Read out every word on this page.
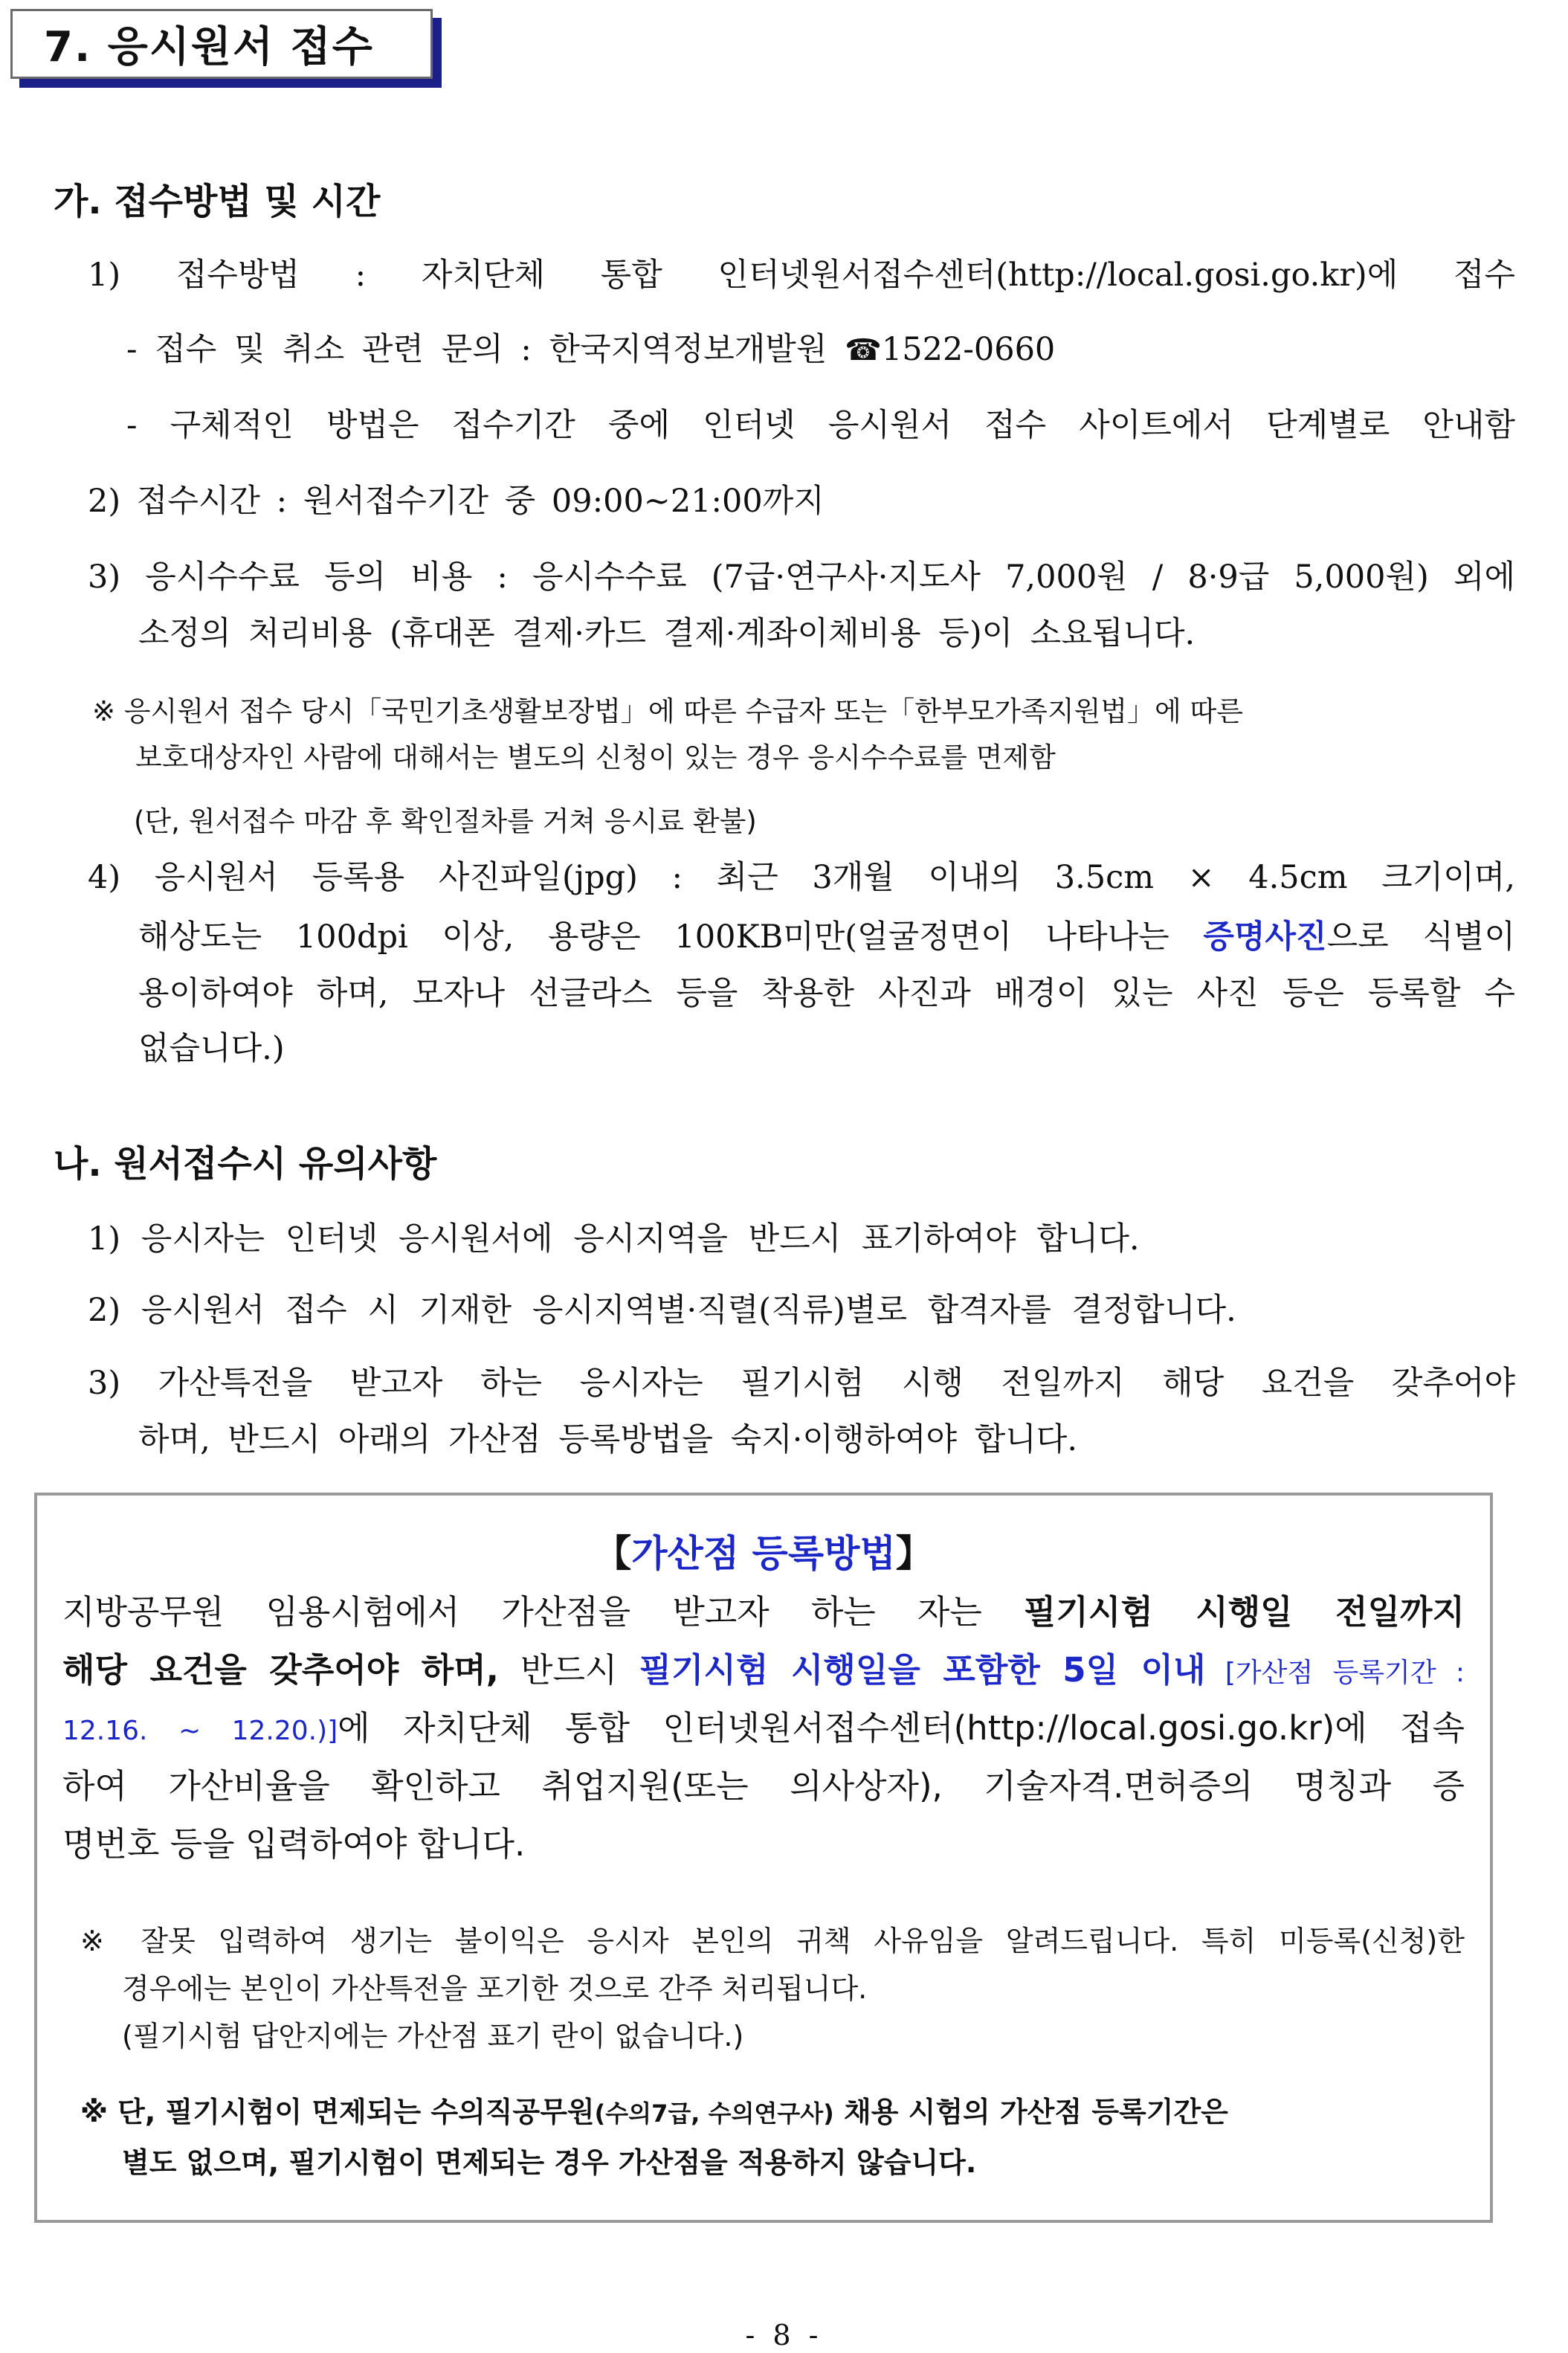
7. 응시원서 접수
가. 접수방법 및 시간
1) 접수방법 : 자치단체 통합 인터넷원서접수센터(http://local.gosi.go.kr)에 접수
- 접수 및 취소 관련 문의 : 한국지역정보개발원 ☎1522-0660
- 구체적인 방법은 접수기간 중에 인터넷 응시원서 접수 사이트에서 단계별로 안내함
2) 접수시간 : 원서접수기간 중 09:00∼21:00까지
3) 응시수수료 등의 비용 : 응시수수료 (7급·연구사·지도사 7,000원 / 8·9급 5,000원) 외에
소정의 처리비용 (휴대폰 결제·카드 결제·계좌이체비용 등)이 소요됩니다.
※ 응시원서 접수 당시「국민기초생활보장법」에 따른 수급자 또는「한부모가족지원법」에 따른
보호대상자인 사람에 대해서는 별도의 신청이 있는 경우 응시수수료를 면제함
(단, 원서접수 마감 후 확인절차를 거쳐 응시료 환불)
4) 응시원서 등록용 사진파일(jpg) : 최근 3개월 이내의 3.5cm × 4.5cm 크기이며,
해상도는 100dpi 이상, 용량은 100KB미만(얼굴정면이 나타나는 증명사진으로 식별이
용이하여야 하며, 모자나 선글라스 등을 착용한 사진과 배경이 있는 사진 등은 등록할 수
없습니다.)
나. 원서접수시 유의사항
1) 응시자는 인터넷 응시원서에 응시지역을 반드시 표기하여야 합니다.
2) 응시원서 접수 시 기재한 응시지역별·직렬(직류)별로 합격자를 결정합니다.
3) 가산특전을 받고자 하는 응시자는 필기시험 시행 전일까지 해당 요건을 갖추어야
하며, 반드시 아래의 가산점 등록방법을 숙지·이행하여야 합니다.
【가산점 등록방법】
지방공무원 임용시험에서 가산점을 받고자 하는 자는 필기시험 시행일 전일까지
해당 요건을 갖추어야 하며, 반드시 필기시험 시행일을 포함한 5일 이내 [가산점 등록기간 :
12.16. ~ 12.20.)]에 자치단체 통합 인터넷원서접수센터(http://local.gosi.go.kr)에 접속
하여 가산비율을 확인하고 취업지원(또는 의사상자), 기술자격.면허증의 명칭과 증
명번호 등을 입력하여야 합니다.
※ 잘못 입력하여 생기는 불이익은 응시자 본인의 귀책 사유임을 알려드립니다. 특히 미등록(신청)한
경우에는 본인이 가산특전을 포기한 것으로 간주 처리됩니다.
(필기시험 답안지에는 가산점 표기 란이 없습니다.)
※ 단, 필기시험이 면제되는 수의직공무원(수의7급, 수의연구사) 채용 시험의 가산점 등록기간은
별도 없으며, 필기시험이 면제되는 경우 가산점을 적용하지 않습니다.
- 8 -
